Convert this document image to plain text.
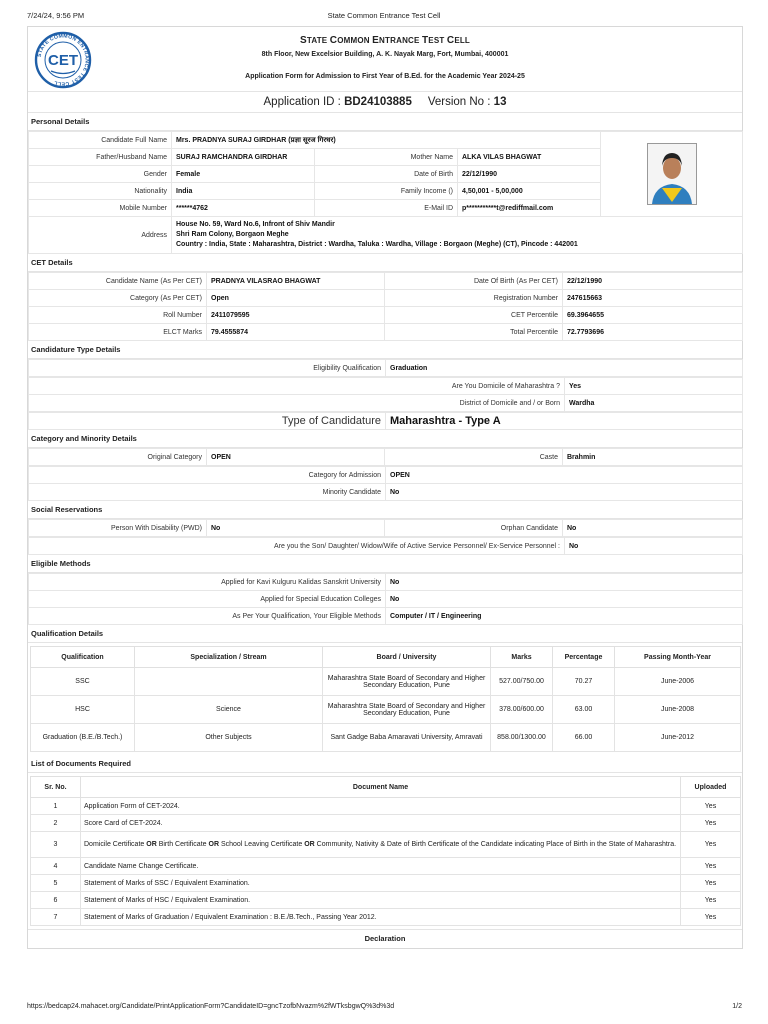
7/24/24, 9:56 PM	State Common Entrance Test Cell
STATE COMMON ENTRANCE TEST CELL
CET
STATE COMMON ENTRANCE TEST CELL
8th Floor, New Excelsior Building, A. K. Nayak Marg, Fort, Mumbai, 400001
Application Form for Admission to First Year of B.Ed. for the Academic Year 2024-25
Application ID : BD24103885 Version No : 13
Personal Details
Candidate Full Name	Mrs. PRADNYA SURAJ GIRDHAR (प्रज्ञा सूरज गिरधर)	

Father/Husband Name	SURAJ RAMCHANDRA GIRDHAR	Mother Name	ALKA VILAS BHAGWAT	
Gender	Female	Date of Birth	22/12/1990	
Nationality	India	Family Income ()	4,50,001 - 5,00,000	
Mobile Number	******4762	E-Mail ID	p***********t@rediffmail.com	
Address	House No. 59, Ward No.6, Infront of Shiv Mandir
Shri Ram Colony, Borgaon Meghe
Country : India, State : Maharashtra, District : Wardha, Taluka : Wardha, Village : Borgaon (Meghe) (CT), Pincode : 442001			
CET Details
Candidate Name (As Per CET)	PRADNYA VILASRAO BHAGWAT	Date Of Birth (As Per CET)	22/12/1990
Category (As Per CET)	Open	Registration Number	247615663
Roll Number	2411079595	CET Percentile	69.3964655
ELCT Marks	79.4555874	Total Percentile	72.7793696
Candidature Type Details
Eligibility Qualification	Graduation
Are You Domicile of Maharashtra ?	Yes
District of Domicile and / or Born	Wardha
Type of Candidature	Maharashtra - Type A
Category and Minority Details
Original Category	OPEN	Caste	Brahmin
Category for Admission	OPEN
Minority Candidate	No
Social Reservations
Person With Disability (PWD)	No	Orphan Candidate	No
Are you the Son/ Daughter/ Widow/Wife of Active Service Personnel/ Ex-Service Personnel :	No
Eligible Methods
Applied for Kavi Kulguru Kalidas Sanskrit University	No
Applied for Special Education Colleges	No
As Per Your Qualification, Your Eligible Methods	Computer / IT / Engineering
Qualification Details
Qualification	Specialization / Stream	Board / University	Marks	Percentage	Passing Month-Year
SSC		Maharashtra State Board of Secondary and Higher Secondary Education, Pune	527.00/750.00	70.27	June-2006
HSC	Science	Maharashtra State Board of Secondary and Higher Secondary Education, Pune	378.00/600.00	63.00	June-2008
Graduation (B.E./B.Tech.)	Other Subjects	Sant Gadge Baba Amaravati University, Amravati	858.00/1300.00	66.00	June-2012
List of Documents Required
Sr. No.	Document Name	Uploaded
1	Application Form of CET-2024.	Yes
2	Score Card of CET-2024.	Yes
3	Domicile Certificate OR Birth Certificate OR School Leaving Certificate OR Community, Nativity & Date of Birth Certificate of the Candidate indicating Place of Birth in the State of Maharashtra.	Yes
4	Candidate Name Change Certificate.	Yes
5	Statement of Marks of SSC / Equivalent Examination.	Yes
6	Statement of Marks of HSC / Equivalent Examination.	Yes
7	Statement of Marks of Graduation / Equivalent Examination : B.E./B.Tech., Passing Year 2012.	Yes
Declaration
https://bedcap24.mahacet.org/Candidate/PrintApplicationForm?CandidateID=gncTzofbNvazm%2fWTksbgwQ%3d%3d	1/2
